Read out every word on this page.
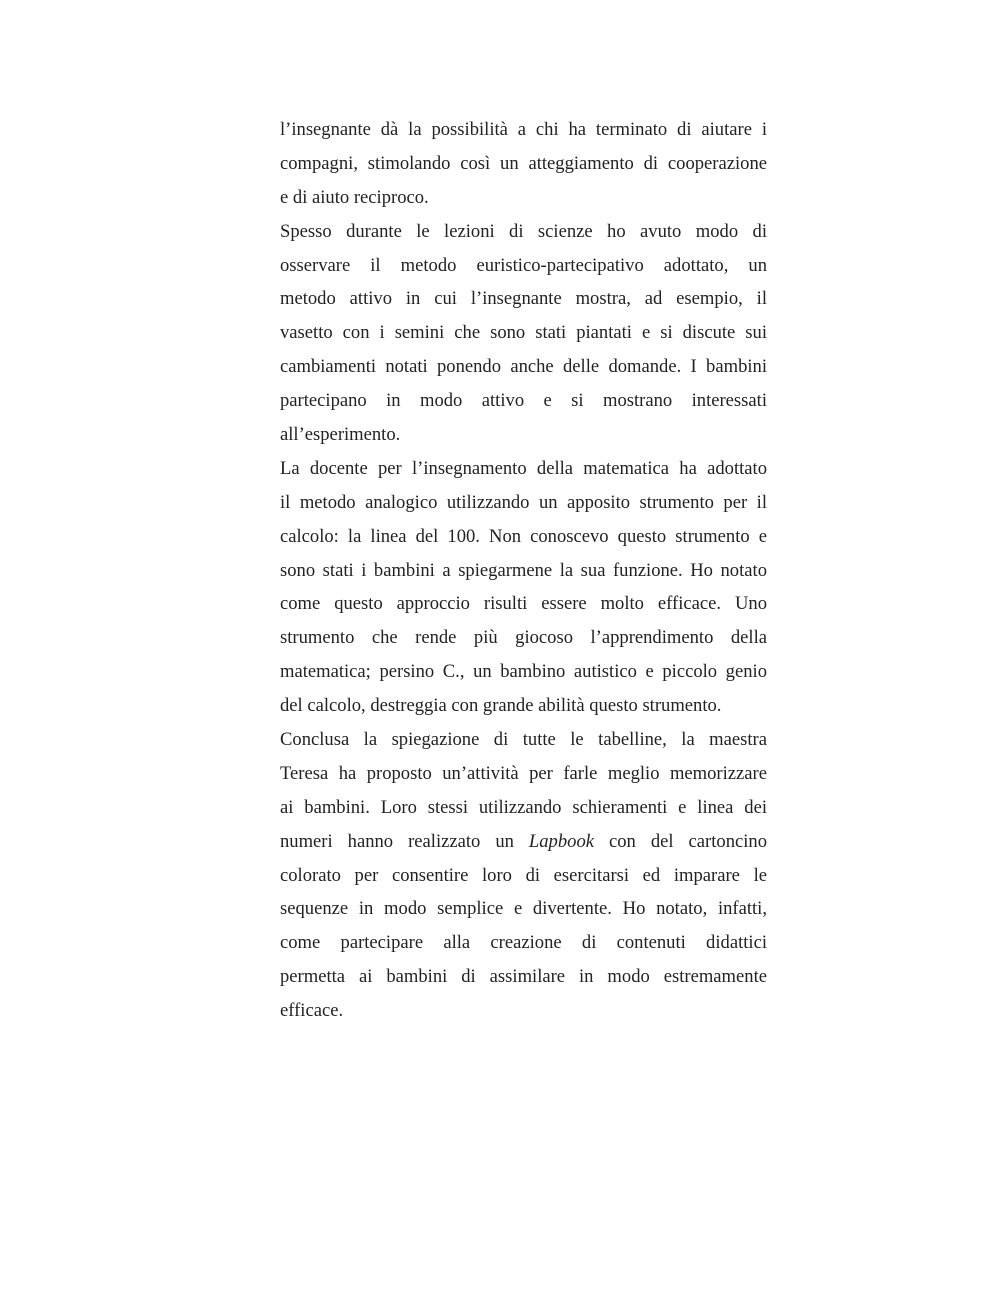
l’insegnante dà la possibilità a chi ha terminato di aiutare i
compagni, stimolando così un atteggiamento di cooperazione
e di aiuto reciproco.
Spesso durante le lezioni di scienze ho avuto modo di
osservare il metodo euristico-partecipativo adottato, un
metodo attivo in cui l’insegnante mostra, ad esempio, il
vasetto con i semini che sono stati piantati e si discute sui
cambiamenti notati ponendo anche delle domande. I bambini
partecipano in modo attivo e si mostrano interessati
all’esperimento.
La docente per l’insegnamento della matematica ha adottato
il metodo analogico utilizzando un apposito strumento per il
calcolo: la linea del 100. Non conoscevo questo strumento e
sono stati i bambini a spiegarmene la sua funzione. Ho notato
come questo approccio risulti essere molto efficace. Uno
strumento che rende più giocoso l’apprendimento della
matematica; persino C., un bambino autistico e piccolo genio
del calcolo, destreggia con grande abilità questo strumento.
Conclusa la spiegazione di tutte le tabelline, la maestra
Teresa ha proposto un’attività per farle meglio memorizzare
ai bambini. Loro stessi utilizzando schieramenti e linea dei
numeri hanno realizzato un Lapbook con del cartoncino
colorato per consentire loro di esercitarsi ed imparare le
sequenze in modo semplice e divertente. Ho notato, infatti,
come partecipare alla creazione di contenuti didattici
permetta ai bambini di assimilare in modo estremamente
efficace.
